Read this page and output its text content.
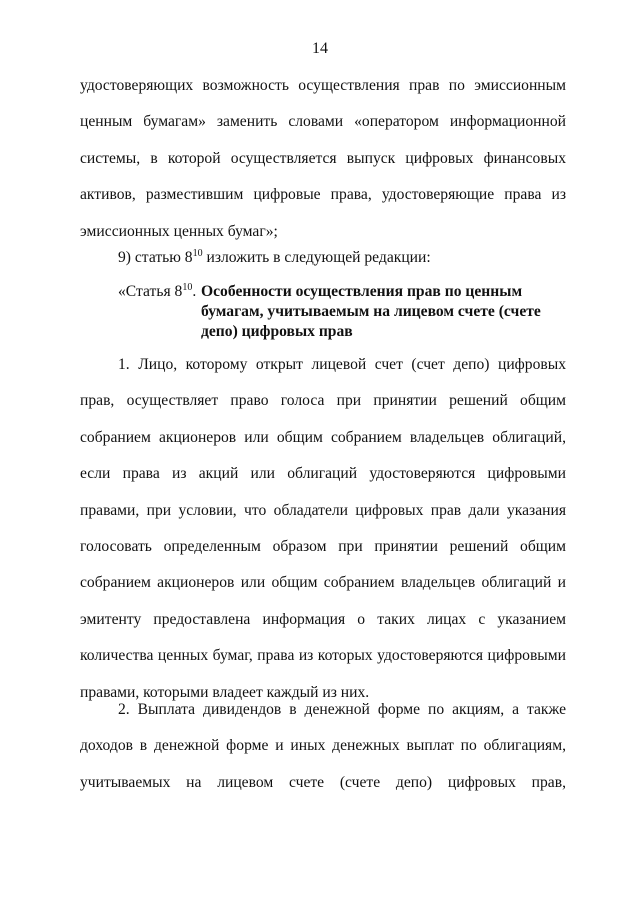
14

удостоверяющих возможность осуществления прав по эмиссионным ценным бумагам» заменить словами «оператором информационной системы, в которой осуществляется выпуск цифровых финансовых активов, разместившим цифровые права, удостоверяющие права из эмиссионных ценных бумаг»;

9) статью $8^{10}$ изложить в следующей редакции:

«Статья $8^{10}$. Особенности осуществления прав по ценным бумагам, учитываемым на лицевом счете (счете депо) цифровых прав

1. Лицо, которому открыт лицевой счет (счет депо) цифровых прав, осуществляет право голоса при принятии решений общим собранием акционеров или общим собранием владельцев облигаций, если права из акций или облигаций удостоверяются цифровыми правами, при условии, что обладатели цифровых прав дали указания голосовать определенным образом при принятии решений общим собранием акционеров или общим собранием владельцев облигаций и эмитенту предоставлена информация о таких лицах с указанием количества ценных бумаг, права из которых удостоверяются цифровыми правами, которыми владеет каждый из них.

2. Выплата дивидендов в денежной форме по акциям, а также доходов в денежной форме и иных денежных выплат по облигациям, учитываемых на лицевом счете (счете депо) цифровых прав,
